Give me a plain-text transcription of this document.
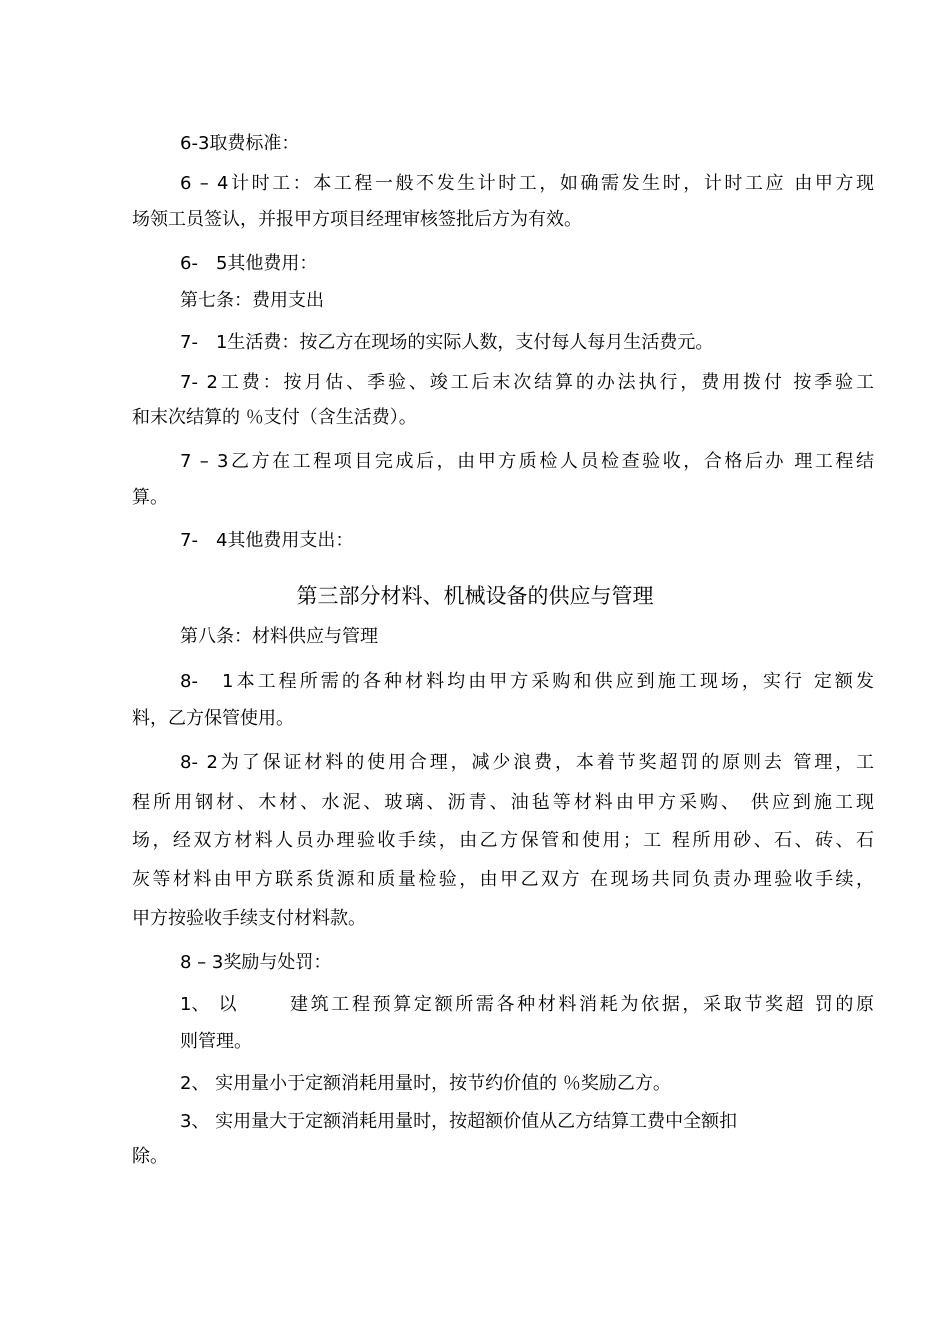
6-3取费标准：
6 – 4计时工：本工程一般不发生计时工，如确需发生时，计时工应 由甲方现
场领工员签认，并报甲方项目经理审核签批后方为有效。
6-　5其他费用：
第七条：费用支出
7-　1生活费：按乙方在现场的实际人数，支付每人每月生活费元。
7- 2工费：按月估、季验、竣工后末次结算的办法执行，费用拨付 按季验工
和末次结算的 ％支付（含生活费）。
7 – 3乙方在工程项目完成后，由甲方质检人员检查验收，合格后办 理工程结
算。
7-　4其他费用支出：
第三部分材料、机械设备的供应与管理
第八条：材料供应与管理
8-　1本工程所需的各种材料均由甲方采购和供应到施工现场，实行 定额发
料，乙方保管使用。
8- 2为了保证材料的使用合理，减少浪费，本着节奖超罚的原则去 管理，工
程所用钢材、木材、水泥、玻璃、沥青、油毡等材料由甲方采购、 供应到施工现
场，经双方材料人员办理验收手续，由乙方保管和使用；工 程所用砂、石、砖、石
灰等材料由甲方联系货源和质量检验，由甲乙双方 在现场共同负责办理验收手续，
甲方按验收手续支付材料款。
8 – 3奖励与处罚：
1、　以	建筑工程预算定额所需各种材料消耗为依据，采取节奖超 罚的原
则管理。
2、 实用量小于定额消耗用量时，按节约价值的 ％奖励乙方。
3、 实用量大于定额消耗用量时，按超额价值从乙方结算工费中全额扣
除。
